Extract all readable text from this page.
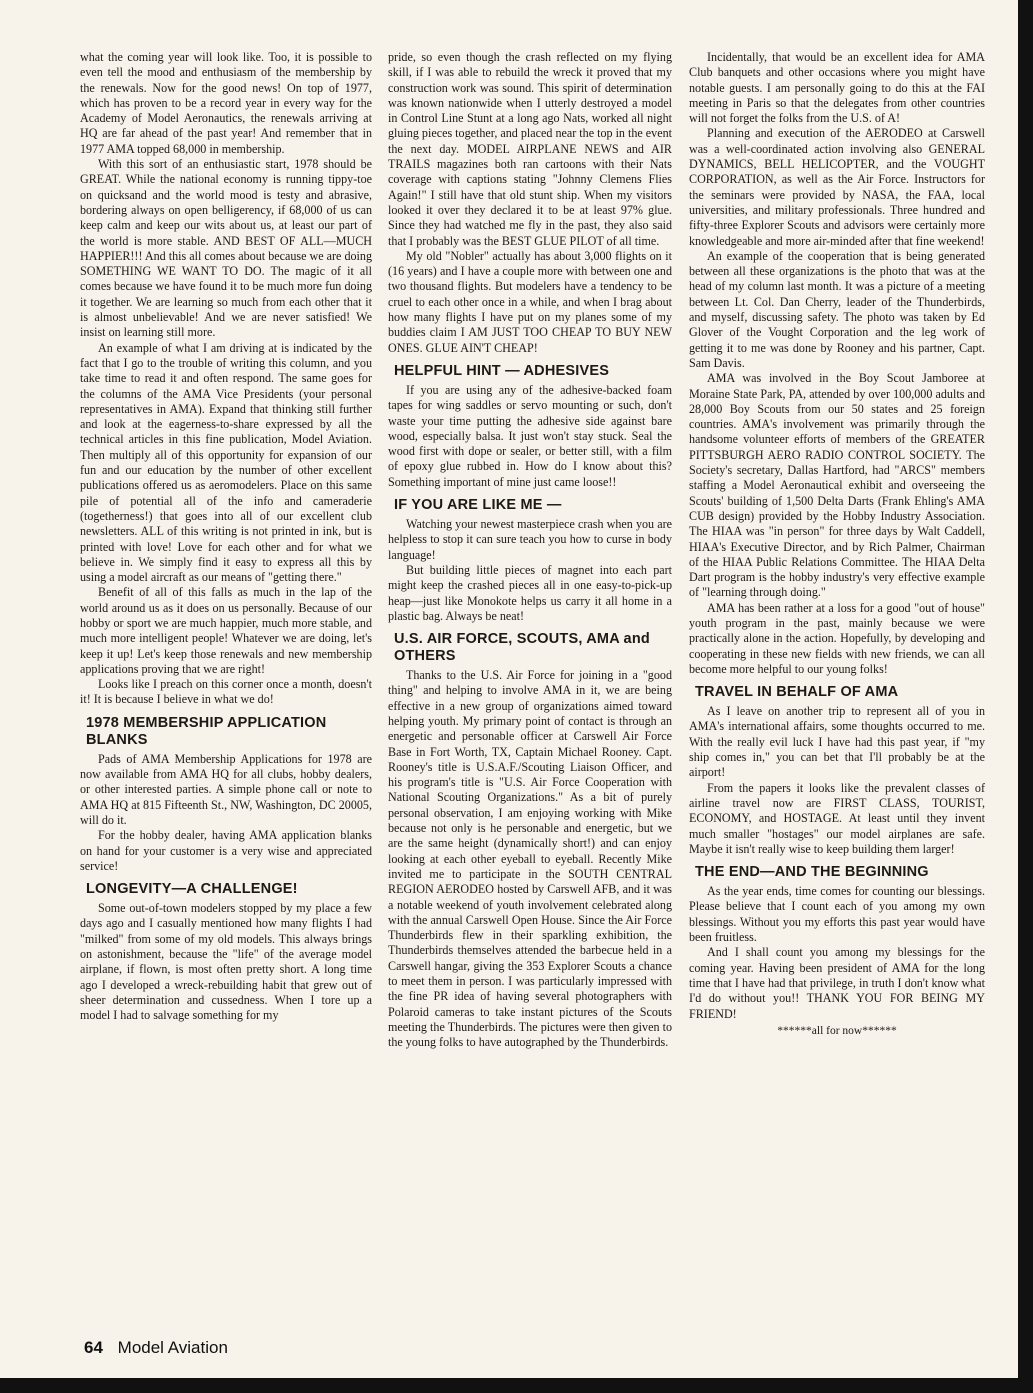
what the coming year will look like. Too, it is possible to even tell the mood and enthusiasm of the membership by the renewals. Now for the good news! On top of 1977, which has proven to be a record year in every way for the Academy of Model Aeronautics, the renewals arriving at HQ are far ahead of the past year! And remember that in 1977 AMA topped 68,000 in membership.

With this sort of an enthusiastic start, 1978 should be GREAT. While the national economy is running tippy-toe on quicksand and the world mood is testy and abrasive, bordering always on open belligerency, if 68,000 of us can keep calm and keep our wits about us, at least our part of the world is more stable. AND BEST OF ALL—MUCH HAPPIER!!! And this all comes about because we are doing SOMETHING WE WANT TO DO. The magic of it all comes because we have found it to be much more fun doing it together. We are learning so much from each other that it is almost unbelievable! And we are never satisfied! We insist on learning still more.

An example of what I am driving at is indicated by the fact that I go to the trouble of writing this column, and you take time to read it and often respond. The same goes for the columns of the AMA Vice Presidents (your personal representatives in AMA). Expand that thinking still further and look at the eagerness-to-share expressed by all the technical articles in this fine publication, Model Aviation. Then multiply all of this opportunity for expansion of our fun and our education by the number of other excellent publications offered us as aeromodelers. Place on this same pile of potential all of the info and cameraderie (togetherness!) that goes into all of our excellent club newsletters. ALL of this writing is not printed in ink, but is printed with love! Love for each other and for what we believe in. We simply find it easy to express all this by using a model aircraft as our means of "getting there."

Benefit of all of this falls as much in the lap of the world around us as it does on us personally. Because of our hobby or sport we are much happier, much more stable, and much more intelligent people! Whatever we are doing, let's keep it up! Let's keep those renewals and new membership applications proving that we are right!

Looks like I preach on this corner once a month, doesn't it! It is because I believe in what we do!

1978 MEMBERSHIP APPLICATION BLANKS

Pads of AMA Membership Applications for 1978 are now available from AMA HQ for all clubs, hobby dealers, or other interested parties. A simple phone call or note to AMA HQ at 815 Fifteenth St., NW, Washington, DC 20005, will do it.

For the hobby dealer, having AMA application blanks on hand for your customer is a very wise and appreciated service!

LONGEVITY—A CHALLENGE!

Some out-of-town modelers stopped by my place a few days ago and I casually mentioned how many flights I had "milked" from some of my old models. This always brings on astonishment, because the "life" of the average model airplane, if flown, is most often pretty short. A long time ago I developed a wreck-rebuilding habit that grew out of sheer determination and cussedness. When I tore up a model I had to salvage something for my

pride, so even though the crash reflected on my flying skill, if I was able to rebuild the wreck it proved that my construction work was sound. This spirit of determination was known nationwide when I utterly destroyed a model in Control Line Stunt at a long ago Nats, worked all night gluing pieces together, and placed near the top in the event the next day. MODEL AIRPLANE NEWS and AIR TRAILS magazines both ran cartoons with their Nats coverage with captions stating "Johnny Clemens Flies Again!" I still have that old stunt ship. When my visitors looked it over they declared it to be at least 97% glue. Since they had watched me fly in the past, they also said that I probably was the BEST GLUE PILOT of all time.

My old "Nobler" actually has about 3,000 flights on it (16 years) and I have a couple more with between one and two thousand flights. But modelers have a tendency to be cruel to each other once in a while, and when I brag about how many flights I have put on my planes some of my buddies claim I AM JUST TOO CHEAP TO BUY NEW ONES. GLUE AIN'T CHEAP!

HELPFUL HINT — ADHESIVES

If you are using any of the adhesive-backed foam tapes for wing saddles or servo mounting or such, don't waste your time putting the adhesive side against bare wood, especially balsa. It just won't stay stuck. Seal the wood first with dope or sealer, or better still, with a film of epoxy glue rubbed in. How do I know about this? Something important of mine just came loose!!

IF YOU ARE LIKE ME —

Watching your newest masterpiece crash when you are helpless to stop it can sure teach you how to curse in body language!

But building little pieces of magnet into each part might keep the crashed pieces all in one easy-to-pick-up heap—just like Monokote helps us carry it all home in a plastic bag. Always be neat!

U.S. AIR FORCE, SCOUTS, AMA and OTHERS

Thanks to the U.S. Air Force for joining in a "good thing" and helping to involve AMA in it, we are being effective in a new group of organizations aimed toward helping youth. My primary point of contact is through an energetic and personable officer at Carswell Air Force Base in Fort Worth, TX, Captain Michael Rooney. Capt. Rooney's title is U.S.A.F./Scouting Liaison Officer, and his program's title is "U.S. Air Force Cooperation with National Scouting Organizations." As a bit of purely personal observation, I am enjoying working with Mike because not only is he personable and energetic, but we are the same height (dynamically short!) and can enjoy looking at each other eyeball to eyeball. Recently Mike invited me to participate in the SOUTH CENTRAL REGION AERODEO hosted by Carswell AFB, and it was a notable weekend of youth involvement celebrated along with the annual Carswell Open House. Since the Air Force Thunderbirds flew in their sparkling exhibition, the Thunderbirds themselves attended the barbecue held in a Carswell hangar, giving the 353 Explorer Scouts a chance to meet them in person. I was particularly impressed with the fine PR idea of having several photographers with Polaroid cameras to take instant pictures of the Scouts meeting the Thunderbirds. The pictures were then given to the young folks to have autographed by the Thunderbirds.

Incidentally, that would be an excellent idea for AMA Club banquets and other occasions where you might have notable guests. I am personally going to do this at the FAI meeting in Paris so that the delegates from other countries will not forget the folks from the U.S. of A!

Planning and execution of the AERODEO at Carswell was a well-coordinated action involving also GENERAL DYNAMICS, BELL HELICOPTER, and the VOUGHT CORPORATION, as well as the Air Force. Instructors for the seminars were provided by NASA, the FAA, local universities, and military professionals. Three hundred and fifty-three Explorer Scouts and advisors were certainly more knowledgeable and more air-minded after that fine weekend!

An example of the cooperation that is being generated between all these organizations is the photo that was at the head of my column last month. It was a picture of a meeting between Lt. Col. Dan Cherry, leader of the Thunderbirds, and myself, discussing safety. The photo was taken by Ed Glover of the Vought Corporation and the leg work of getting it to me was done by Rooney and his partner, Capt. Sam Davis.

AMA was involved in the Boy Scout Jamboree at Moraine State Park, PA, attended by over 100,000 adults and 28,000 Boy Scouts from our 50 states and 25 foreign countries. AMA's involvement was primarily through the handsome volunteer efforts of members of the GREATER PITTSBURGH AERO RADIO CONTROL SOCIETY. The Society's secretary, Dallas Hartford, had "ARCS" members staffing a Model Aeronautical exhibit and overseeing the Scouts' building of 1,500 Delta Darts (Frank Ehling's AMA CUB design) provided by the Hobby Industry Association. The HIAA was "in person" for three days by Walt Caddell, HIAA's Executive Director, and by Rich Palmer, Chairman of the HIAA Public Relations Committee. The HIAA Delta Dart program is the hobby industry's very effective example of "learning through doing."

AMA has been rather at a loss for a good "out of house" youth program in the past, mainly because we were practically alone in the action. Hopefully, by developing and cooperating in these new fields with new friends, we can all become more helpful to our young folks!

TRAVEL IN BEHALF OF AMA

As I leave on another trip to represent all of you in AMA's international affairs, some thoughts occurred to me. With the really evil luck I have had this past year, if "my ship comes in," you can bet that I'll probably be at the airport!

From the papers it looks like the prevalent classes of airline travel now are FIRST CLASS, TOURIST, ECONOMY, and HOSTAGE. At least until they invent much smaller "hostages" our model airplanes are safe. Maybe it isn't really wise to keep building them larger!

THE END—AND THE BEGINNING

As the year ends, time comes for counting our blessings. Please believe that I count each of you among my own blessings. Without you my efforts this past year would have been fruitless.

And I shall count you among my blessings for the coming year. Having been president of AMA for the long time that I have had that privilege, in truth I don't know what I'd do without you!! THANK YOU FOR BEING MY FRIEND!

******all for now******
64 Model Aviation
